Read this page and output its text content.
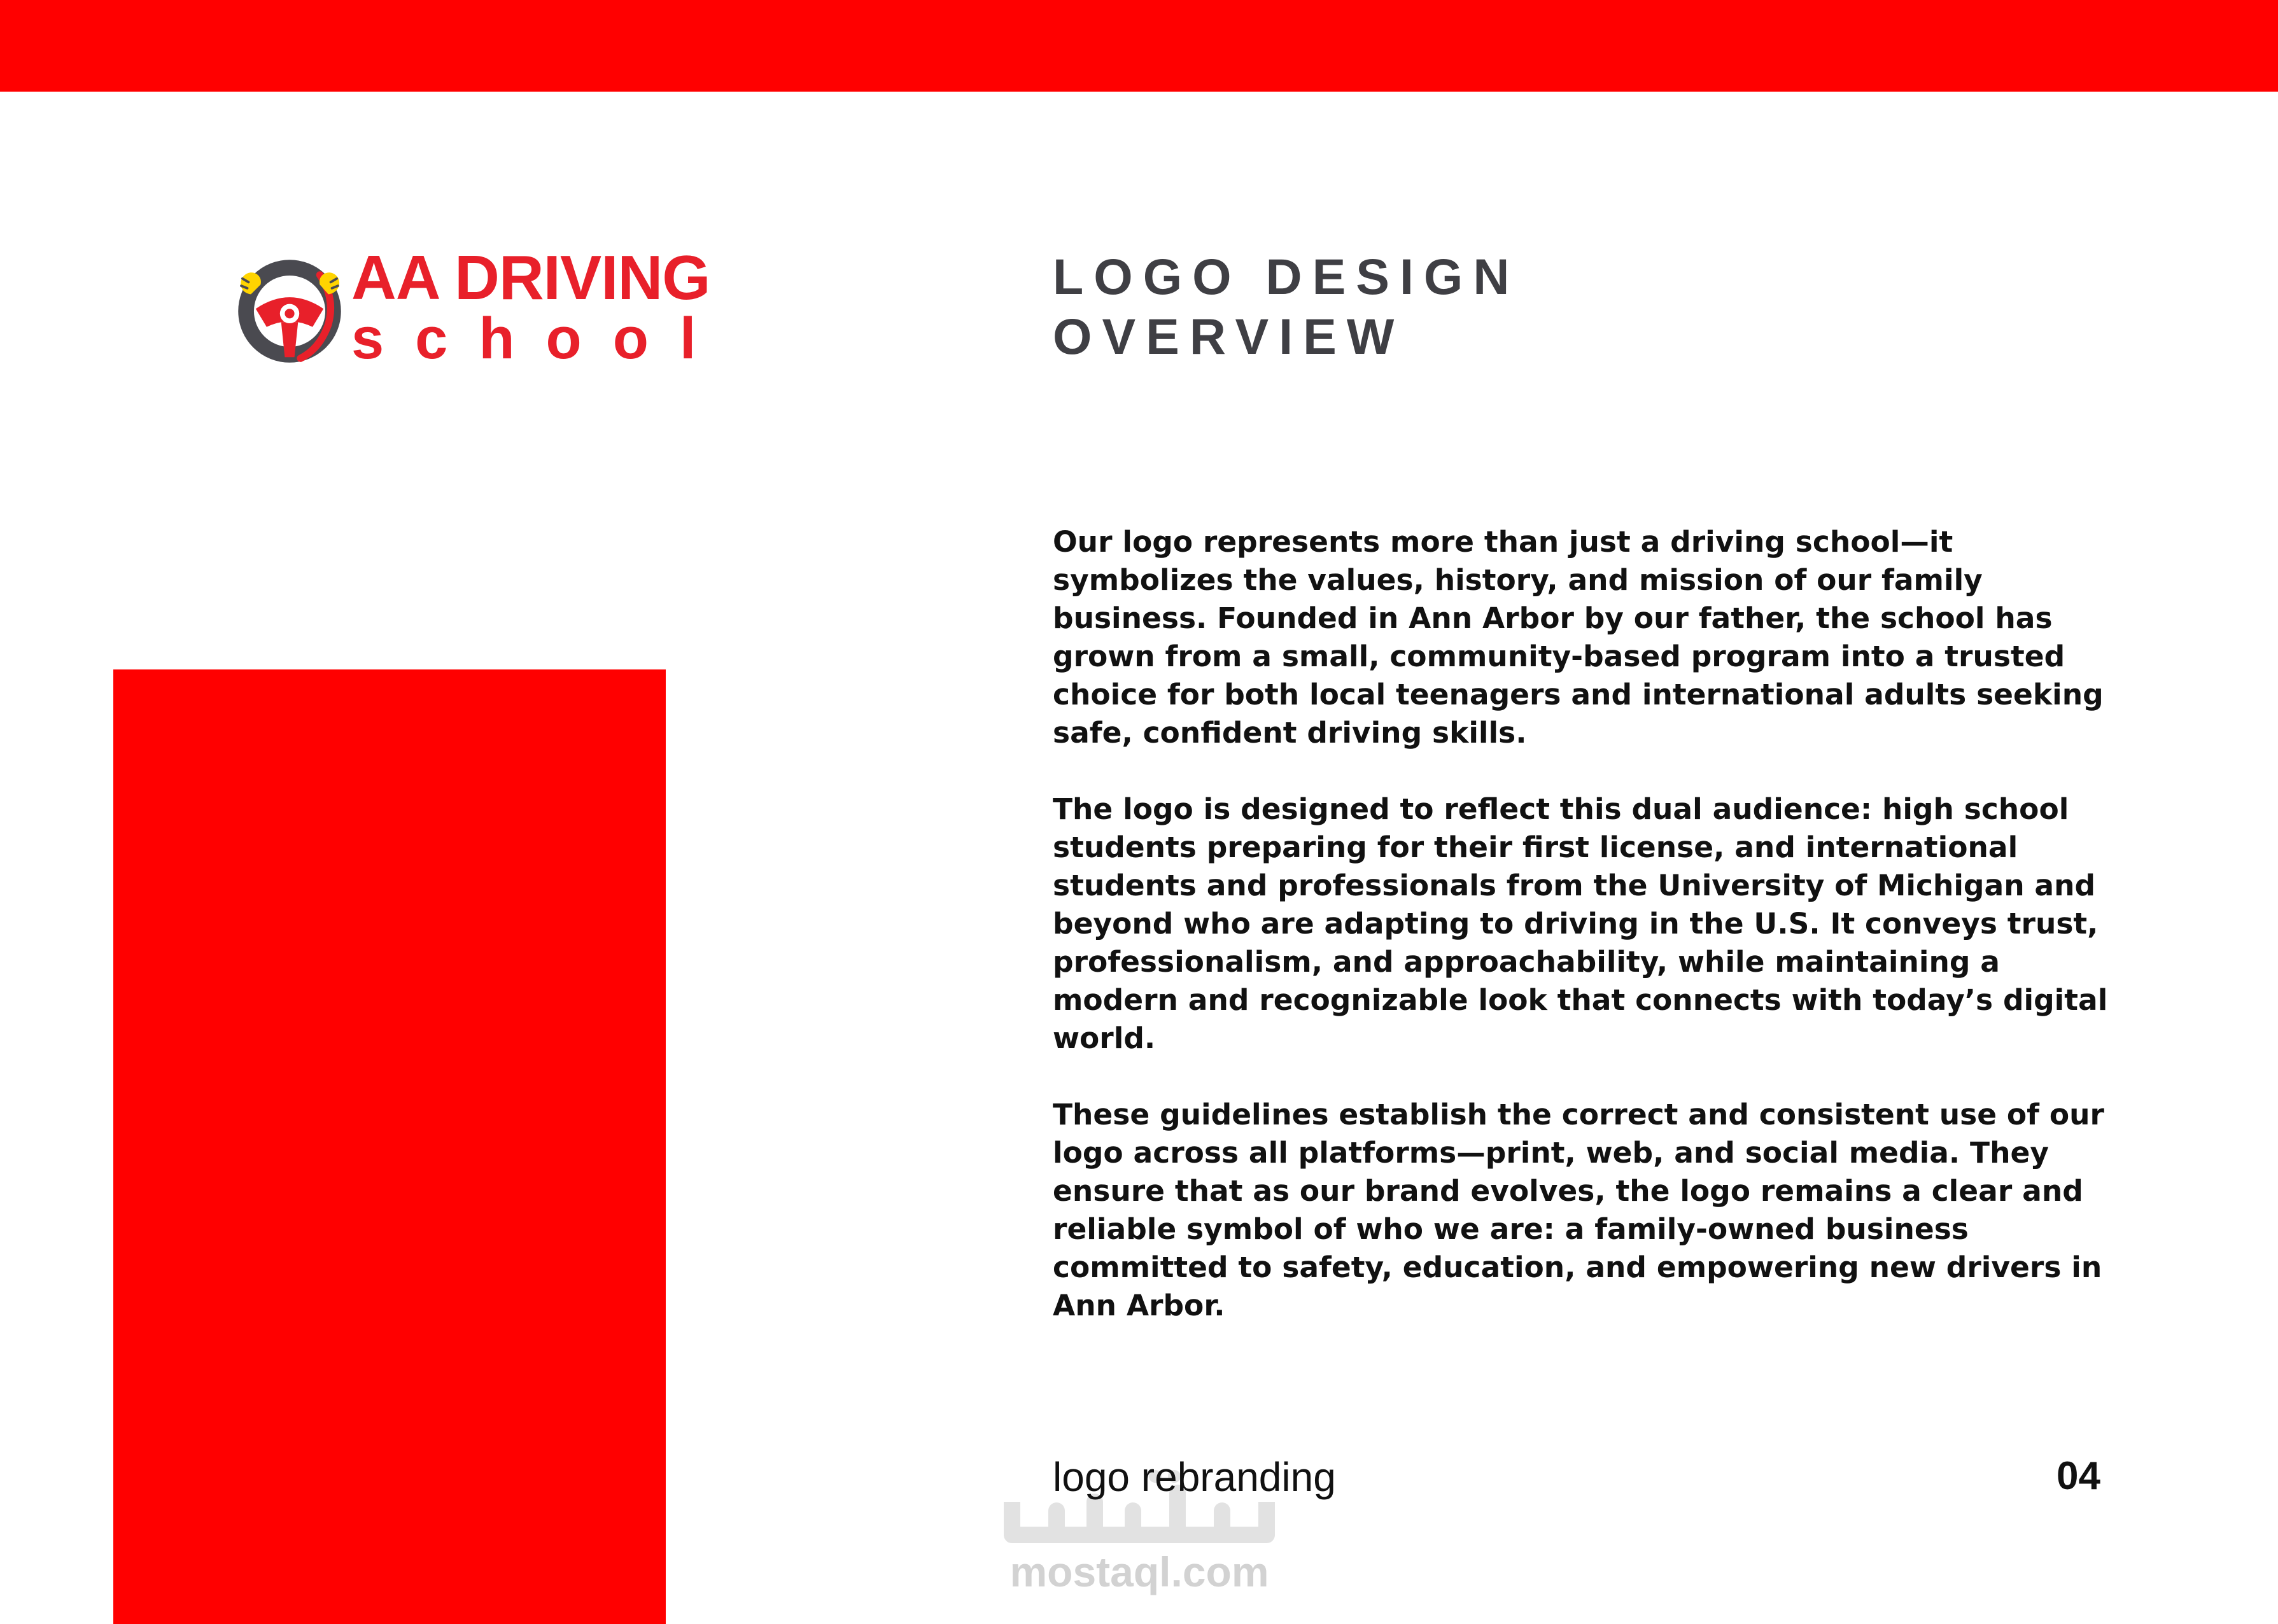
AA DRIVING
school
LOGO DESIGN
OVERVIEW

Our logo represents more than just a driving school—it symbolizes the values, history, and mission of our family business. Founded in Ann Arbor by our father, the school has grown from a small, community-based program into a trusted choice for both local teenagers and international adults seeking safe, confident driving skills.

The logo is designed to reflect this dual audience: high school students preparing for their first license, and international students and professionals from the University of Michigan and beyond who are adapting to driving in the U.S. It conveys trust, professionalism, and approachability, while maintaining a modern and recognizable look that connects with today’s digital world.

These guidelines establish the correct and consistent use of our logo across all platforms—print, web, and social media. They ensure that as our brand evolves, the logo remains a clear and reliable symbol of who we are: a family-owned business committed to safety, education, and empowering new drivers in Ann Arbor.

mostaql.com
logo rebranding	04
